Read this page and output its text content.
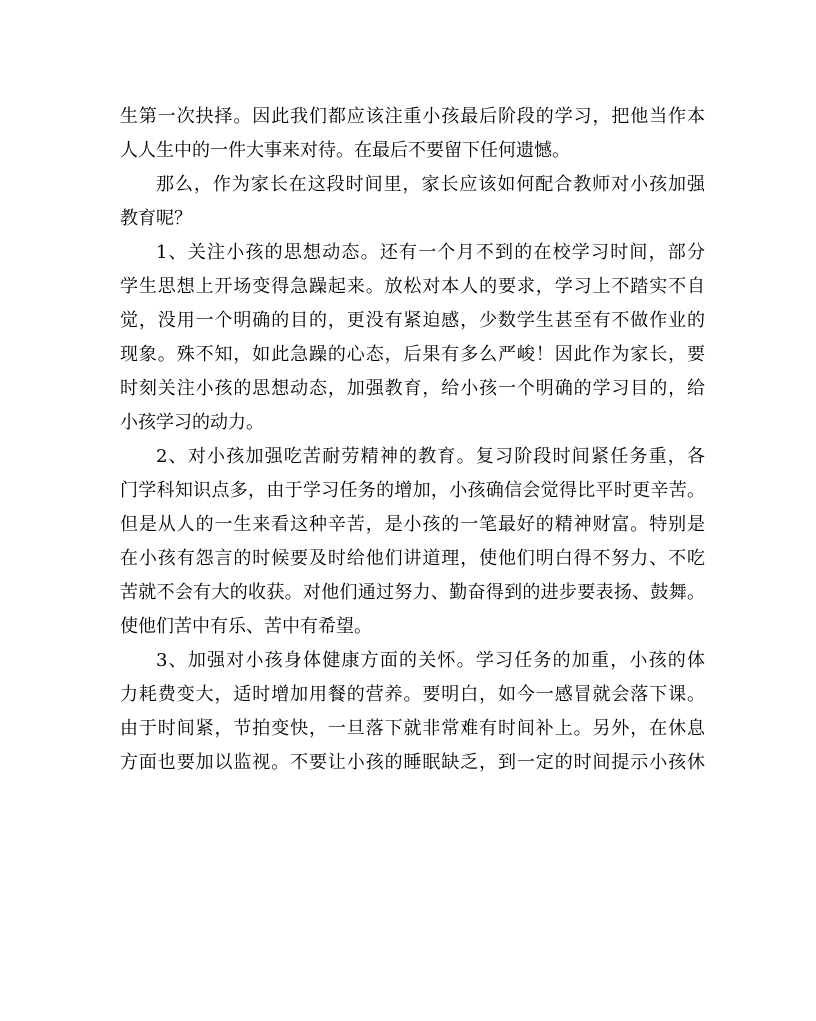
生第一次抉择。因此我们都应该注重小孩最后阶段的学习，把他当作本
人人生中的一件大事来对待。在最后不要留下任何遗憾。
那么，作为家长在这段时间里，家长应该如何配合教师对小孩加强
教育呢？
1、关注小孩的思想动态。还有一个月不到的在校学习时间，部分
学生思想上开场变得急躁起来。放松对本人的要求，学习上不踏实不自
觉，没用一个明确的目的，更没有紧迫感，少数学生甚至有不做作业的
现象。殊不知，如此急躁的心态，后果有多么严峻！因此作为家长，要
时刻关注小孩的思想动态，加强教育，给小孩一个明确的学习目的，给
小孩学习的动力。
2、对小孩加强吃苦耐劳精神的教育。复习阶段时间紧任务重，各
门学科知识点多，由于学习任务的增加，小孩确信会觉得比平时更辛苦。
但是从人的一生来看这种辛苦，是小孩的一笔最好的精神财富。特别是
在小孩有怨言的时候要及时给他们讲道理，使他们明白得不努力、不吃
苦就不会有大的收获。对他们通过努力、勤奋得到的进步要表扬、鼓舞。
使他们苦中有乐、苦中有希望。
3、加强对小孩身体健康方面的关怀。学习任务的加重，小孩的体
力耗费变大，适时增加用餐的营养。要明白，如今一感冒就会落下课。
由于时间紧，节拍变快，一旦落下就非常难有时间补上。另外，在休息
方面也要加以监视。不要让小孩的睡眠缺乏，到一定的时间提示小孩休
